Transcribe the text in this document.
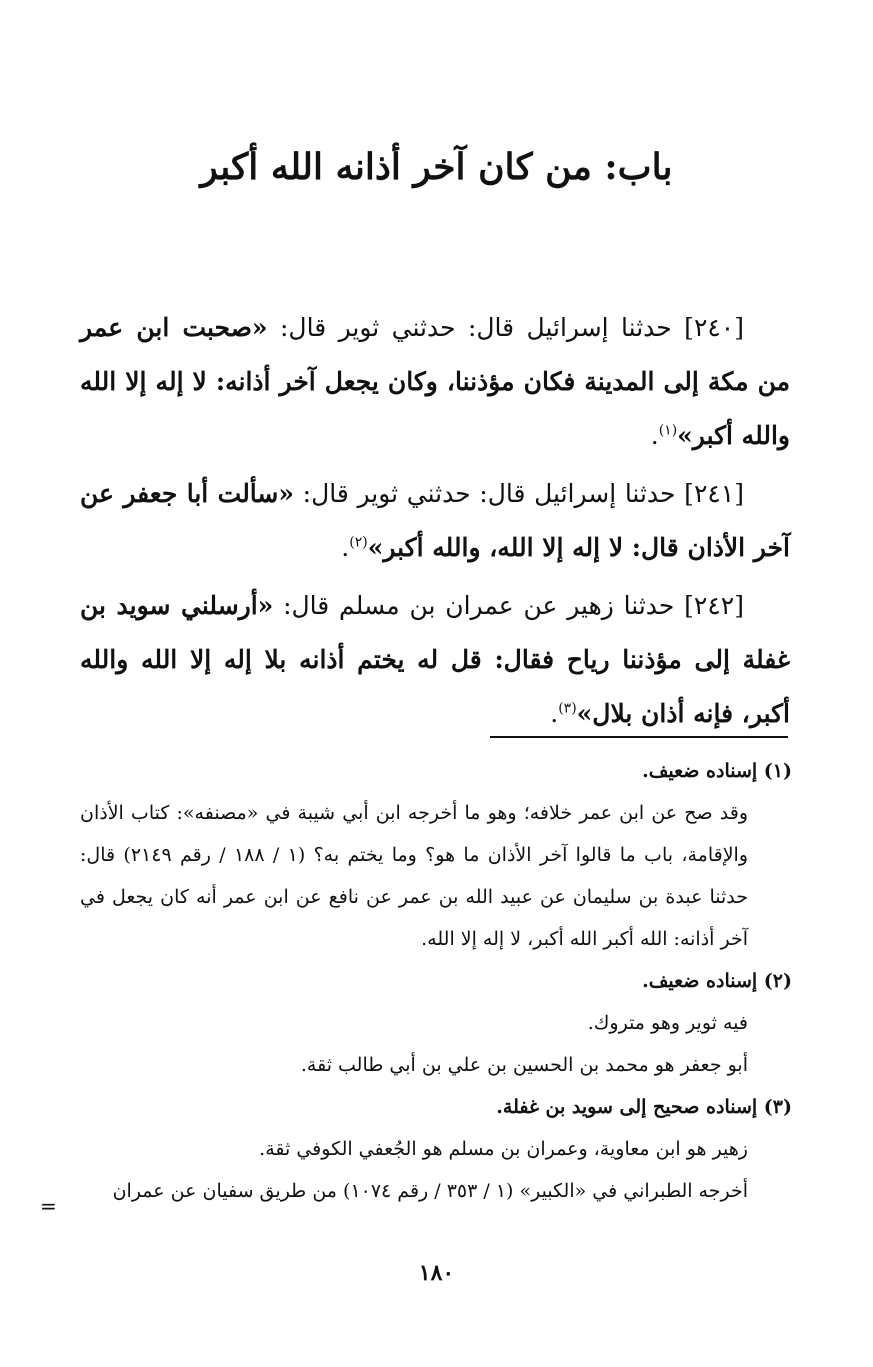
باب: من كان آخر أذانه الله أكبر

[٢٤٠] حدثنا إسرائيل قال: حدثني ثوير قال: «صحبت ابن عمر من مكة إلى المدينة فكان مؤذننا، وكان يجعل آخر أذانه: لا إله إلا الله والله أكبر»$^{(١)}$.

[٢٤١] حدثنا إسرائيل قال: حدثني ثوير قال: «سألت أبا جعفر عن آخر الأذان قال: لا إله إلا الله، والله أكبر»$^{(٢)}$.

[٢٤٢] حدثنا زهير عن عمران بن مسلم قال: «أرسلني سويد بن غفلة إلى مؤذننا رياح فقال: قل له يختم أذانه بلا إله إلا الله والله أكبر، فإنه أذان بلال»$^{(٣)}$.

(١) إسناده ضعيف.
وقد صح عن ابن عمر خلافه؛ وهو ما أخرجه ابن أبي شيبة في «مصنفه»: كتاب الأذان والإقامة، باب ما قالوا آخر الأذان ما هو؟ وما يختم به؟ (١ / ١٨٨ / رقم ٢١٤٩) قال: حدثنا عبدة بن سليمان عن عبيد الله بن عمر عن نافع عن ابن عمر أنه كان يجعل في آخر أذانه: الله أكبر الله أكبر، لا إله إلا الله.
(٢) إسناده ضعيف.
فيه ثوير وهو متروك.
أبو جعفر هو محمد بن الحسين بن علي بن أبي طالب ثقة.
(٣) إسناده صحيح إلى سويد بن غفلة.
زهير هو ابن معاوية، وعمران بن مسلم هو الجُعفي الكوفي ثقة.
أخرجه الطبراني في «الكبير» (١ / ٣٥٣ / رقم ١٠٧٤) من طريق سفيان عن عمران
=
١٨٠
